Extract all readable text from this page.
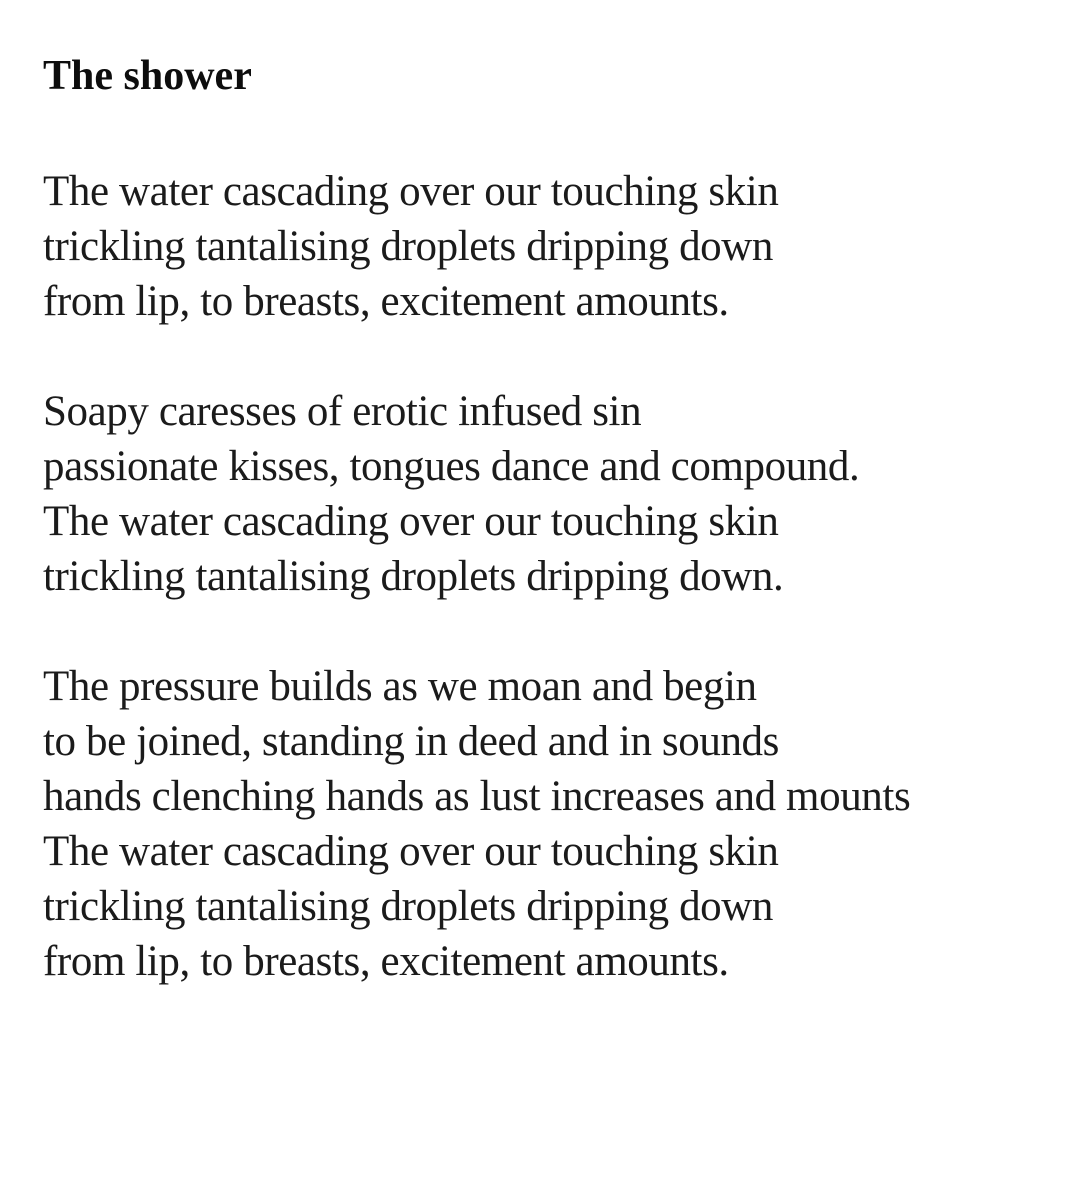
The shower
The water cascading over our touching skin
trickling tantalising droplets dripping down
from lip, to breasts, excitement amounts.
Soapy caresses of erotic infused sin
passionate kisses, tongues dance and compound.
The water cascading over our touching skin
trickling tantalising droplets dripping down.
The pressure builds as we moan and begin
to be joined, standing in deed and in sounds
hands clenching hands as lust increases and mounts
The water cascading over our touching skin
trickling tantalising droplets dripping down
from lip, to breasts, excitement amounts.
